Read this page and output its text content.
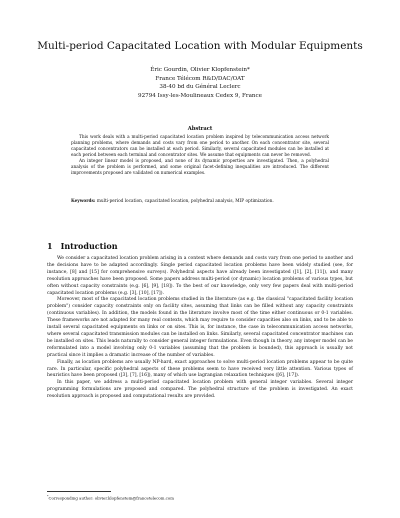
Multi-period Capacitated Location with Modular Equipments
Éric Gourdin, Olivier Klopfenstein*
France Télécom R&D/DAC/OAT
38-40 bd du Général Leclerc
92794 Issy-les-Moulineaux Cedex 9, France
Abstract

This work deals with a multi-period capacitated location problem inspired by telecommunication access network planning problems, where demands and costs vary from one period to another. On each concentrator site, several capacitated concentrators can be installed at each period. Similarly, several capacitated modules can be installed at each period between each terminal and concentrator sites. We assume that equipments can never be removed.

An integer linear model is proposed, and none of its dynamic properties are investigated. Then, a polyhedral analysis of the problem is performed, and some original facet-defining inequalities are introduced. The different improvements proposed are validated on numerical examples.

Keywords: multi-period location, capacitated location, polyhedral analysis, MIP optimization.
1 Introduction

We consider a capacitated location problem arising in a context where demands and costs vary from one period to another and the decisions have to be adapted accordingly. Single period capacitated location problems have been widely studied (see, for instance, [8] and [15] for comprehensive surveys). Polyhedral aspects have already been investigated ([1], [2], [11]), and many resolution approaches have been proposed. Some papers address multi-period (or dynamic) location problems of various types, but often without capacity constraints (e.g. [6], [9], [18]). To the best of our knowledge, only very few papers deal with multi-period capacitated location problems (e.g. [3], [10], [17]).

Moreover, most of the capacitated location problems studied in the literature (as e.g. the classical "capacitated facility location problem") consider capacity constraints only on facility sites, assuming that links can be filled without any capacity constraints (continuous variables). In addition, the models found in the literature involve most of the time either continuous or 0-1 variables. These frameworks are not adapted for many real contexts, which may require to consider capacities also on links, and to be able to install several capacitated equipments on links or on sites. This is, for instance, the case in telecommunication access networks, where several capacitated transmission modules can be installed on links. Similarly, several capacitated concentrator machines can be installed on sites. This leads naturally to consider general integer formulations. Even though in theory, any integer model can be reformulated into a model involving only 0-1 variables (assuming that the problem is bounded), this approach is usually not practical since it implies a dramatic increase of the number of variables.

Finally, as location problems are usually NP-hard, exact approaches to solve multi-period location problems appear to be quite rare. In particular, specific polyhedral aspects of these problems seem to have received very little attention. Various types of heuristics have been proposed ([3], [7], [16]), many of which use lagrangian relaxation techniques ([6], [17]).

In this paper, we address a multi-period capacitated location problem with general integer variables. Several integer programming formulations are proposed and compared. The polyhedral structure of the problem is investigated. An exact resolution approach is proposed and computational results are provided.

*Corresponding author: olivier.klopfenstein@francetelecom.com
